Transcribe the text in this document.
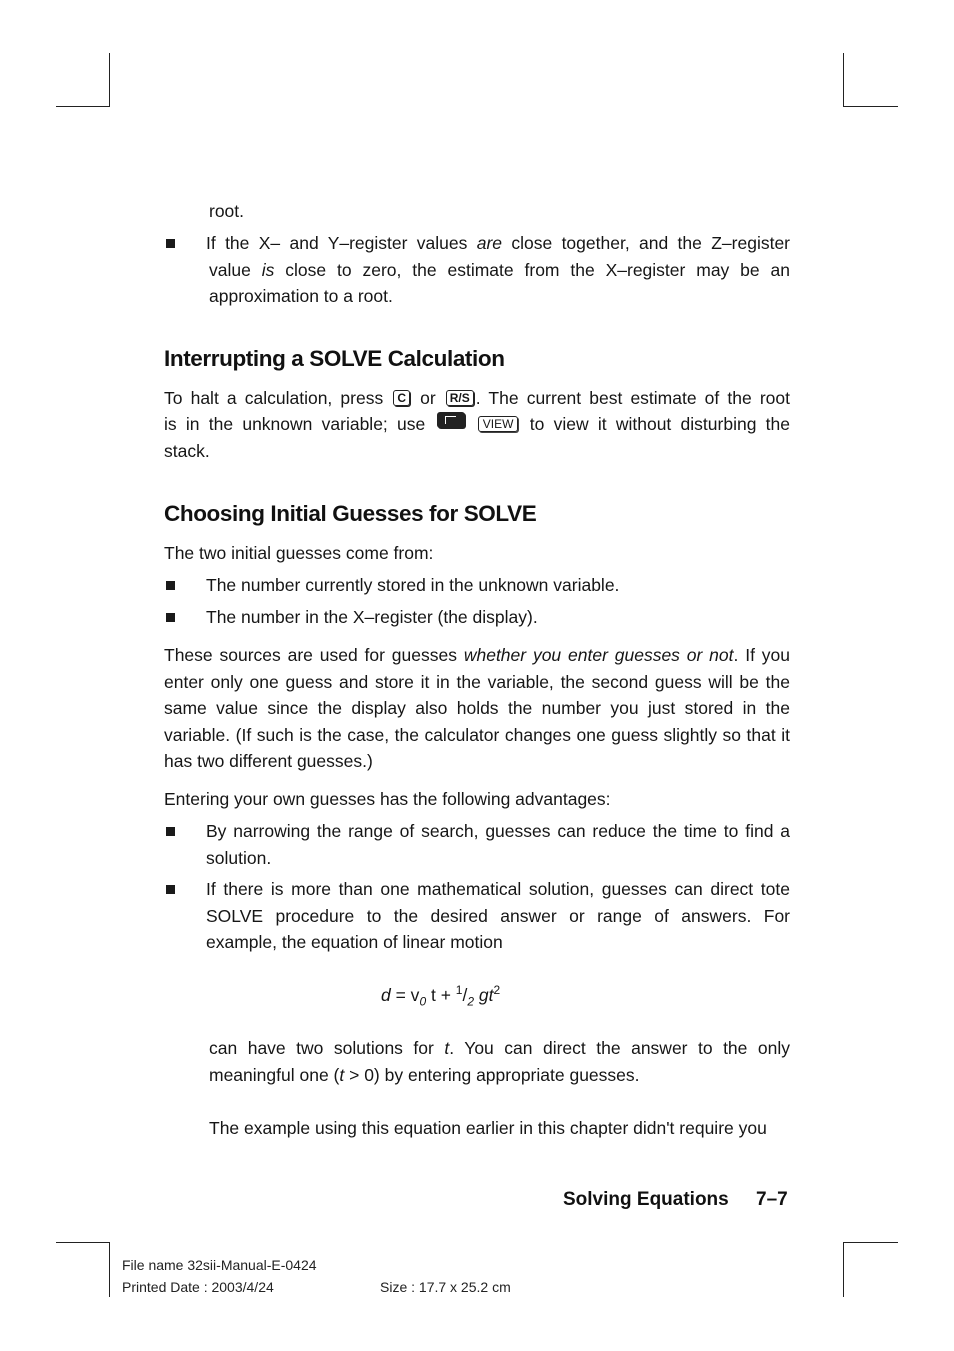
root.
If the X– and Y–register values are close together, and the Z–register
value is close to zero, the estimate from the X–register may be an
approximation to a root.
Interrupting a SOLVE Calculation
To halt a calculation, press C or R/S . The current best estimate of the root
is in the unknown variable; use	VIEW to view it without disturbing the
stack.
Choosing Initial Guesses for SOLVE
The two initial guesses come from:
The number currently stored in the unknown variable.
The number in the X–register (the display).
These sources are used for guesses whether you enter guesses or not. If you enter only one guess and store it in the variable, the second guess will be the same value since the display also holds the number you just stored in the variable. (If such is the case, the calculator changes one guess slightly so that it has two different guesses.)
Entering your own guesses has the following advantages:
By narrowing the range of search, guesses can reduce the time to find a solution.
If there is more than one mathematical solution, guesses can direct tote SOLVE procedure to the desired answer or range of answers. For example, the equation of linear motion
$d = v_0$ $t + ^1/_2$ $gt^2$
can have two solutions for t. You can direct the answer to the only meaningful one (t > 0) by entering appropriate guesses.
The example using this equation earlier in this chapter didn't require you
Solving Equations 7–7
File name 32sii-Manual-E-0424
Printed Date : 2003/4/24	Size : 17.7 x 25.2 cm
